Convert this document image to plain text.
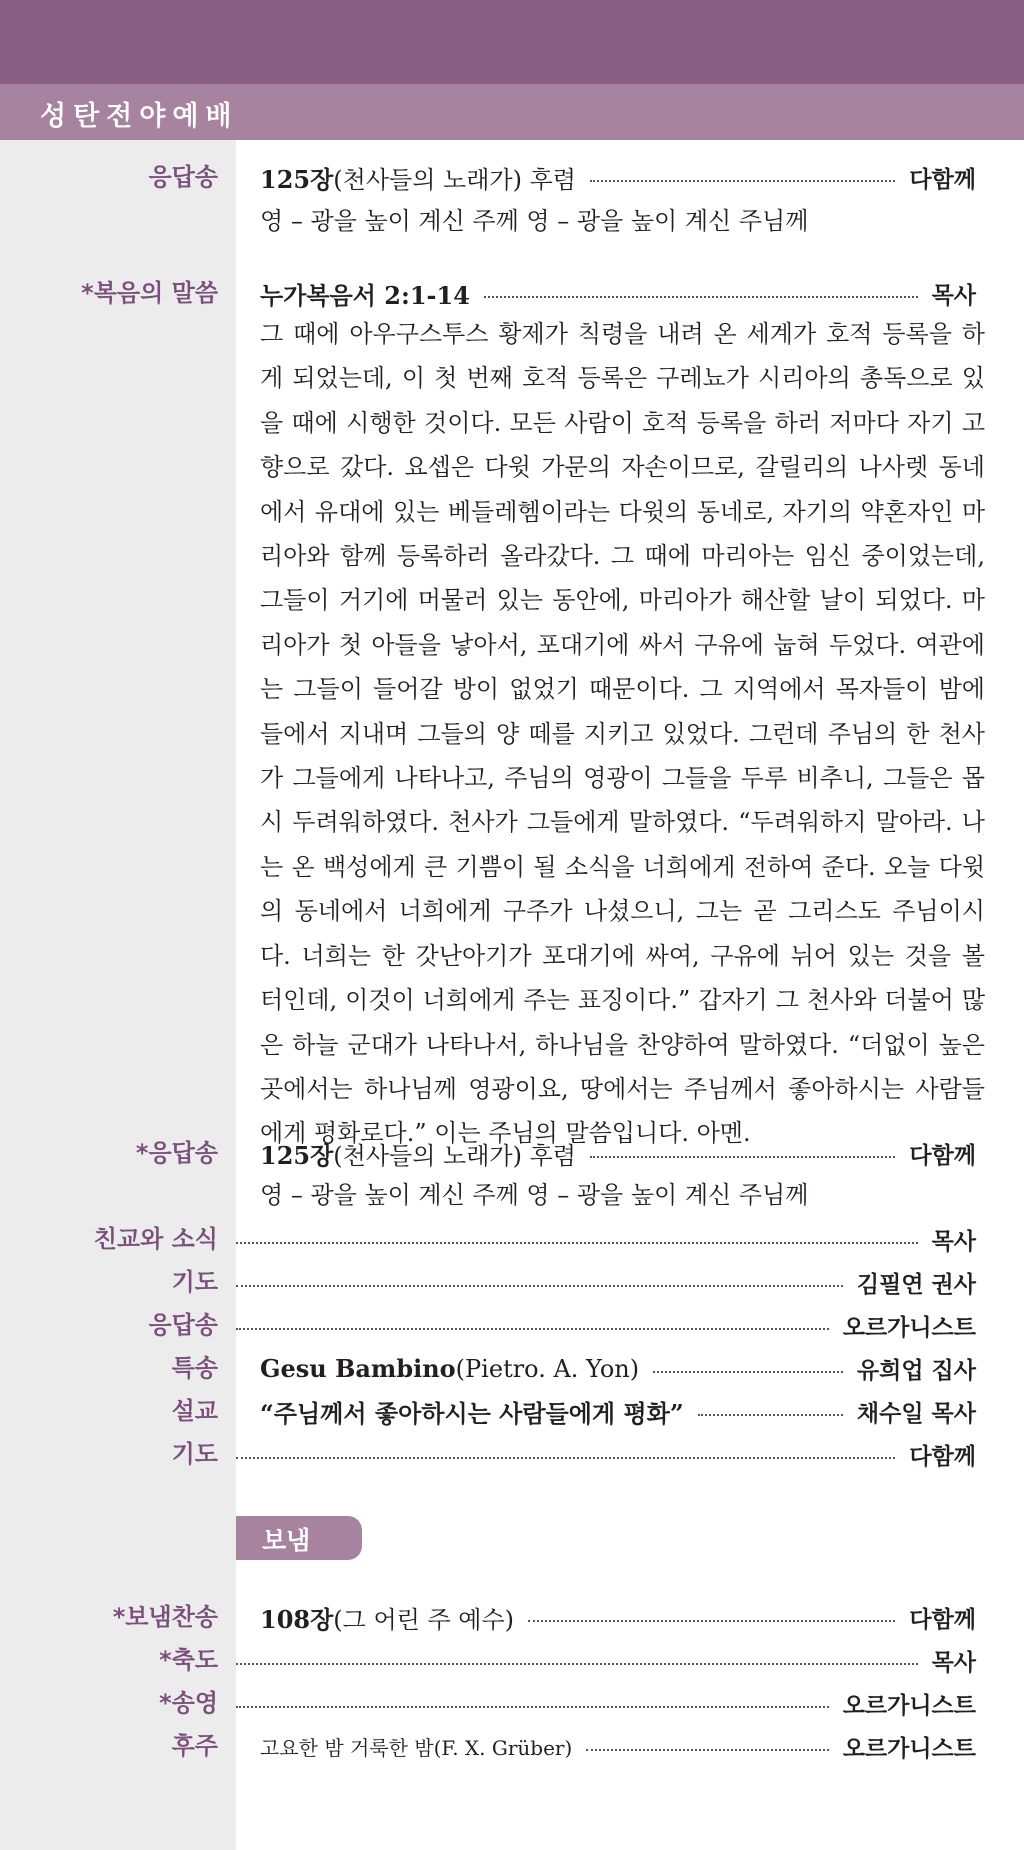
성탄전야예배
응답송 125장(천사들의 노래가) 후렴	다함께
영 – 광을 높이 계신 주께 영 – 광을 높이 계신 주님께
*복음의 말씀 누가복음서 2:1-14	목사

그 때에 아우구스투스 황제가 칙령을 내려 온 세계가 호적 등록을 하게 되었는데, 이 첫 번째 호적 등록은 구레뇨가 시리아의 총독으로 있을 때에 시행한 것이다. 모든 사람이 호적 등록을 하러 저마다 자기 고향으로 갔다. 요셉은 다윗 가문의 자손이므로, 갈릴리의 나사렛 동네에서 유대에 있는 베들레헴이라는 다윗의 동네로, 자기의 약혼자인 마리아와 함께 등록하러 올라갔다. 그 때에 마리아는 임신 중이었는데, 그들이 거기에 머물러 있는 동안에, 마리아가 해산할 날이 되었다. 마리아가 첫 아들을 낳아서, 포대기에 싸서 구유에 눕혀 두었다. 여관에는 그들이 들어갈 방이 없었기 때문이다. 그 지역에서 목자들이 밤에 들에서 지내며 그들의 양 떼를 지키고 있었다. 그런데 주님의 한 천사가 그들에게 나타나고, 주님의 영광이 그들을 두루 비추니, 그들은 몹시 두려워하였다. 천사가 그들에게 말하였다. “두려워하지 말아라. 나는 온 백성에게 큰 기쁨이 될 소식을 너희에게 전하여 준다. 오늘 다윗의 동네에서 너희에게 구주가 나셨으니, 그는 곧 그리스도 주님이시다. 너희는 한 갓난아기가 포대기에 싸여, 구유에 뉘어 있는 것을 볼 터인데, 이것이 너희에게 주는 표징이다.” 갑자기 그 천사와 더불어 많은 하늘 군대가 나타나서, 하나님을 찬양하여 말하였다. “더없이 높은 곳에서는 하나님께 영광이요, 땅에서는 주님께서 좋아하시는 사람들에게 평화로다.” 이는 주님의 말씀입니다. 아멘.

*응답송 125장(천사들의 노래가) 후렴	다함께
영 – 광을 높이 계신 주께 영 – 광을 높이 계신 주님께
친교와 소식	목사
기도	김필연 권사
응답송	오르가니스트
특송 Gesu Bambino(Pietro. A. Yon)	유희업 집사
설교 “주님께서 좋아하시는 사람들에게 평화”	채수일 목사
기도	다함께
보냄
*보냄찬송 108장(그 어린 주 예수)	다함께
*축도	목사
*송영	오르가니스트
후주 고요한 밤 거룩한 밤(F. X. Grüber)	오르가니스트
